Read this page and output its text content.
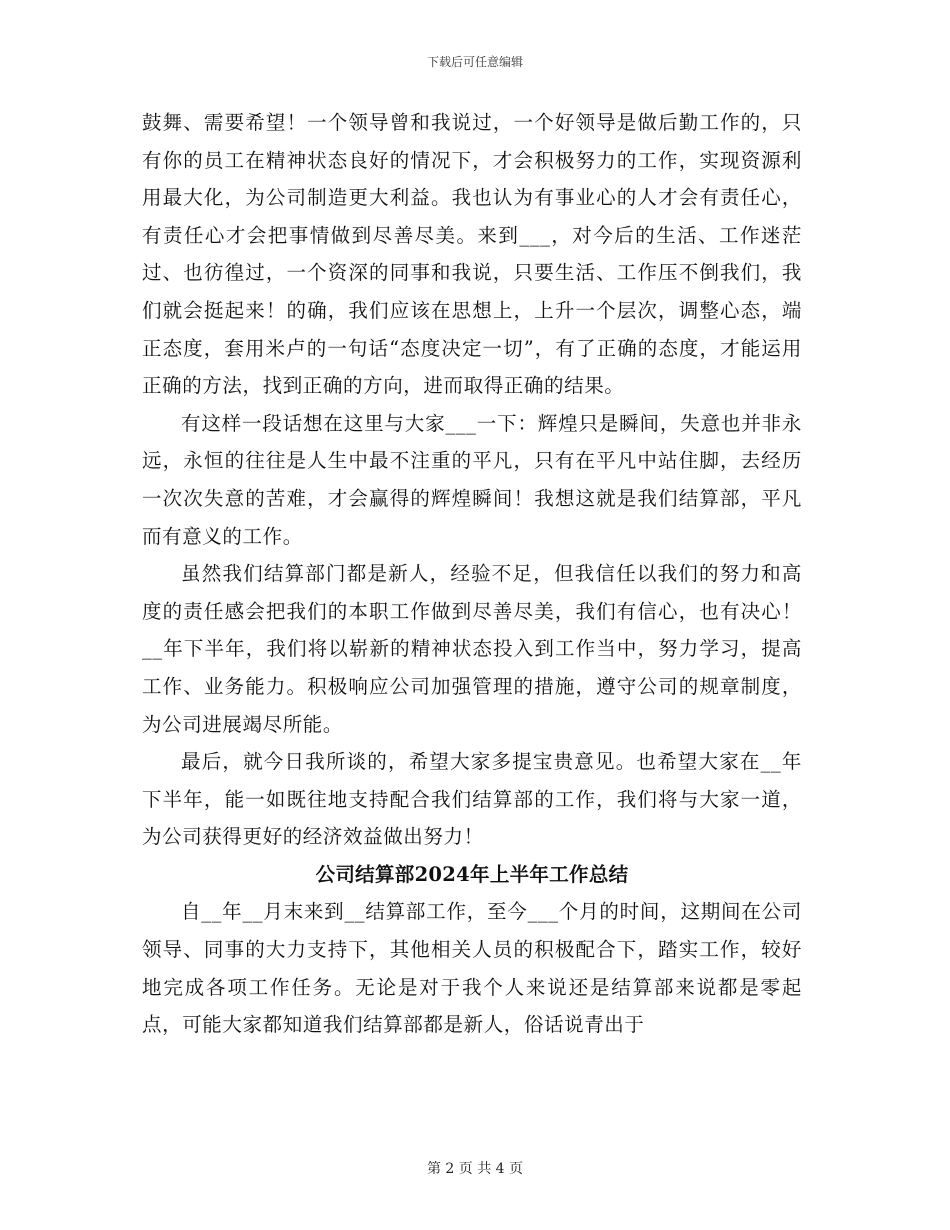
下载后可任意编辑

鼓舞、需要希望！一个领导曾和我说过，一个好领导是做后勤工作的，只有你的员工在精神状态良好的情况下，才会积极努力的工作，实现资源利用最大化，为公司制造更大利益。我也认为有事业心的人才会有责任心，有责任心才会把事情做到尽善尽美。来到___，对今后的生活、工作迷茫过、也彷徨过，一个资深的同事和我说，只要生活、工作压不倒我们，我们就会挺起来！的确，我们应该在思想上，上升一个层次，调整心态，端正态度，套用米卢的一句话“态度决定一切”，有了正确的态度，才能运用正确的方法，找到正确的方向，进而取得正确的结果。

有这样一段话想在这里与大家___一下：辉煌只是瞬间，失意也并非永远，永恒的往往是人生中最不注重的平凡，只有在平凡中站住脚，去经历一次次失意的苦难，才会赢得的辉煌瞬间！我想这就是我们结算部，平凡而有意义的工作。

虽然我们结算部门都是新人，经验不足，但我信任以我们的努力和高度的责任感会把我们的本职工作做到尽善尽美，我们有信心，也有决心！__年下半年，我们将以崭新的精神状态投入到工作当中，努力学习，提高工作、业务能力。积极响应公司加强管理的措施，遵守公司的规章制度，为公司进展竭尽所能。

最后，就今日我所谈的，希望大家多提宝贵意见。也希望大家在__年下半年，能一如既往地支持配合我们结算部的工作，我们将与大家一道，为公司获得更好的经济效益做出努力！

公司结算部2024年上半年工作总结

自__年__月末来到__结算部工作，至今___个月的时间，这期间在公司领导、同事的大力支持下，其他相关人员的积极配合下，踏实工作，较好地完成各项工作任务。无论是对于我个人来说还是结算部来说都是零起点，可能大家都知道我们结算部都是新人，俗话说青出于

第 2 页 共 4 页
